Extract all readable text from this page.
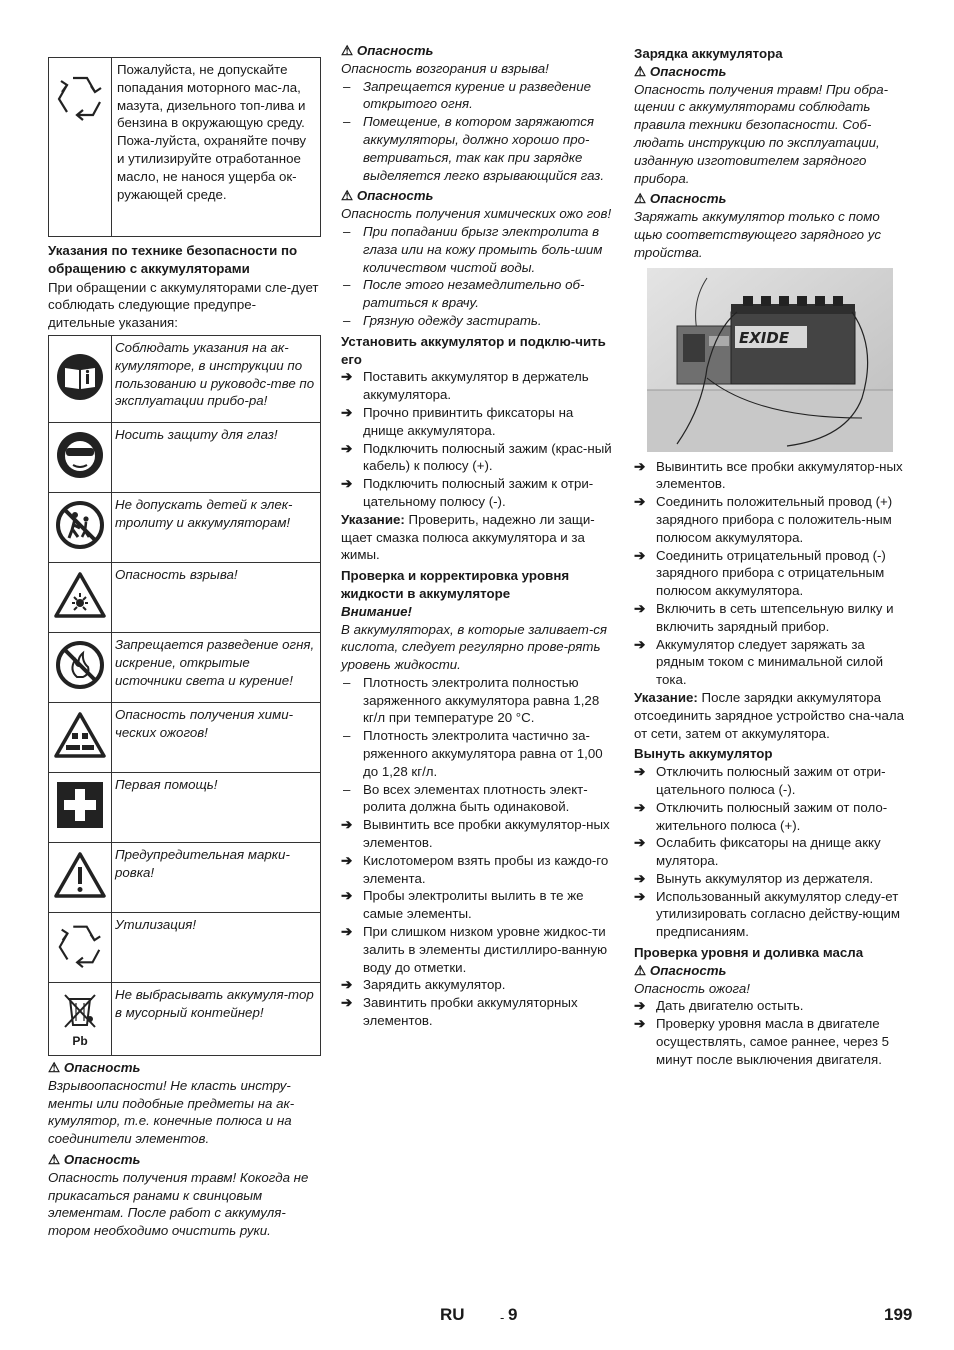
	Пожалуйста, не допускайте попадания моторного мас-ла, мазута, дизельного топ-лива и бензина в окружающую среду. Пожа-луйста, охраняйте почву и утилизируйте отработанное масло, не нанося ущерба ок-ружающей среде.

Указания по технике безопасности по обращению с аккумуляторами

При обращении с аккумуляторами сле-дует соблюдать следующие предупре-дительные указания:

	Соблюдать указания на ак-кумуляторе, в инструкции по пользованию и руководс-тве по эксплуатации прибо-ра!
	Носить защиту для глаз!
	Не допускать детей к элек-тролиту и аккумуляторам!
	Опасность взрыва!
	Запрещается разведение огня, искрение, открытые источники света и курение!
	Опасность получения хими-ческих ожогов!
	Первая помощь!
	Предупредительная марки-ровка!
	Утилизация!

Pb	Не выбрасывать аккумуля-тор в мусорный контейнер!

⚠ Опасность

Взрывоопасности! Не класть инстру-менты или подобные предметы на ак-кумулятор, т.е. конечные полюса и на соединители элементов.

⚠ Опасность

Опасность получения травм! Кокогда не прикасаться ранами к свинцовым элементам. После работ с аккумуля-тором необходимо очистить руки.

⚠ Опасность

Опасность возгорания и взрыва!

– Запрещается курение и разведение открытого огня.

– Помещение, в котором заряжаются аккумуляторы, должно хорошо про-ветриваться, так как при зарядке выделяется легко взрывающийся газ.

⚠ Опасность

Опасность получения химических ожо гов!

– При попадании брызг электролита в глаза или на кожу промыть боль-шим количеством чистой воды.

– После этого незамедлительно об-ратиться к врачу.

– Грязную одежду застирать.

Установить аккумулятор и подклю-чить его

➔ Поставить аккумулятор в держатель аккумулятора.

➔ Прочно привинтить фиксаторы на днище аккумулятора.

➔ Подключить полюсный зажим (крас-ный кабель) к полюсу (+).

➔ Подключить полюсный зажим к отри-цательному полюсу (-).

Указание: Проверить, надежно ли защи-щает смазка полюса аккумулятора и за жимы.

Проверка и корректировка уровня жидкости в аккумуляторе

Внимание!

В аккумуляторах, в которые заливает-ся кислота, следует регулярно прове-рять уровень жидкости.

– Плотность электролита полностью заряженного аккумулятора равна 1,28 кг/л при температуре 20 °C.

– Плотность электролита частично за-ряженного аккумулятора равна от 1,00 до 1,28 кг/л.

– Во всех элементах плотность элект-ролита должна быть одинаковой.

➔ Вывинтить все пробки аккумулятор-ных элементов.

➔ Кислотомером взять пробы из каждо-го элемента.

➔ Пробы электролиты вылить в те же самые элементы.

➔ При слишком низком уровне жидкос-ти залить в элементы дистиллиро-ванную воду до отметки.

➔ Зарядить аккумулятор.

➔ Завинтить пробки аккумуляторных элементов.

Зарядка аккумулятора

⚠ Опасность

Опасность получения травм! При обра-щении с аккумуляторами соблюдать правила техники безопасности. Соб-людать инструкцию по эксплуатации, изданную изготовителем зарядного прибора.

⚠ Опасность

Заряжать аккумулятор только с помо щью соответствующего зарядного ус тройства.

EXIDE

➔ Вывинтить все пробки аккумулятор-ных элементов.

➔ Соединить положительный провод (+) зарядного прибора с положитель-ным полюсом аккумулятора.

➔ Соединить отрицательный провод (-) зарядного прибора с отрицательным полюсом аккумулятора.

➔ Включить в сеть штепсельную вилку и включить зарядный прибор.

➔ Аккумулятор следует заряжать за рядным током с минимальной силой тока.

Указание: После зарядки аккумулятора отсоединить зарядное устройство сна-чала от сети, затем от аккумулятора.

Вынуть аккумулятор

➔ Отключить полюсный зажим от отри-цательного полюса (-).

➔ Отключить полюсный зажим от поло-жительного полюса (+).

➔ Ослабить фиксаторы на днище акку мулятора.

➔ Вынуть аккумулятор из держателя.

➔ Использованный аккумулятор следу-ет утилизировать согласно действу-ющим предписаниям.

Проверка уровня и доливка масла

⚠ Опасность

Опасность ожога!

➔ Дать двигателю остыть.

➔ Проверку уровня масла в двигателе осуществлять, самое раннее, через 5 минут после выключения двигателя.

RU	- 9	199
